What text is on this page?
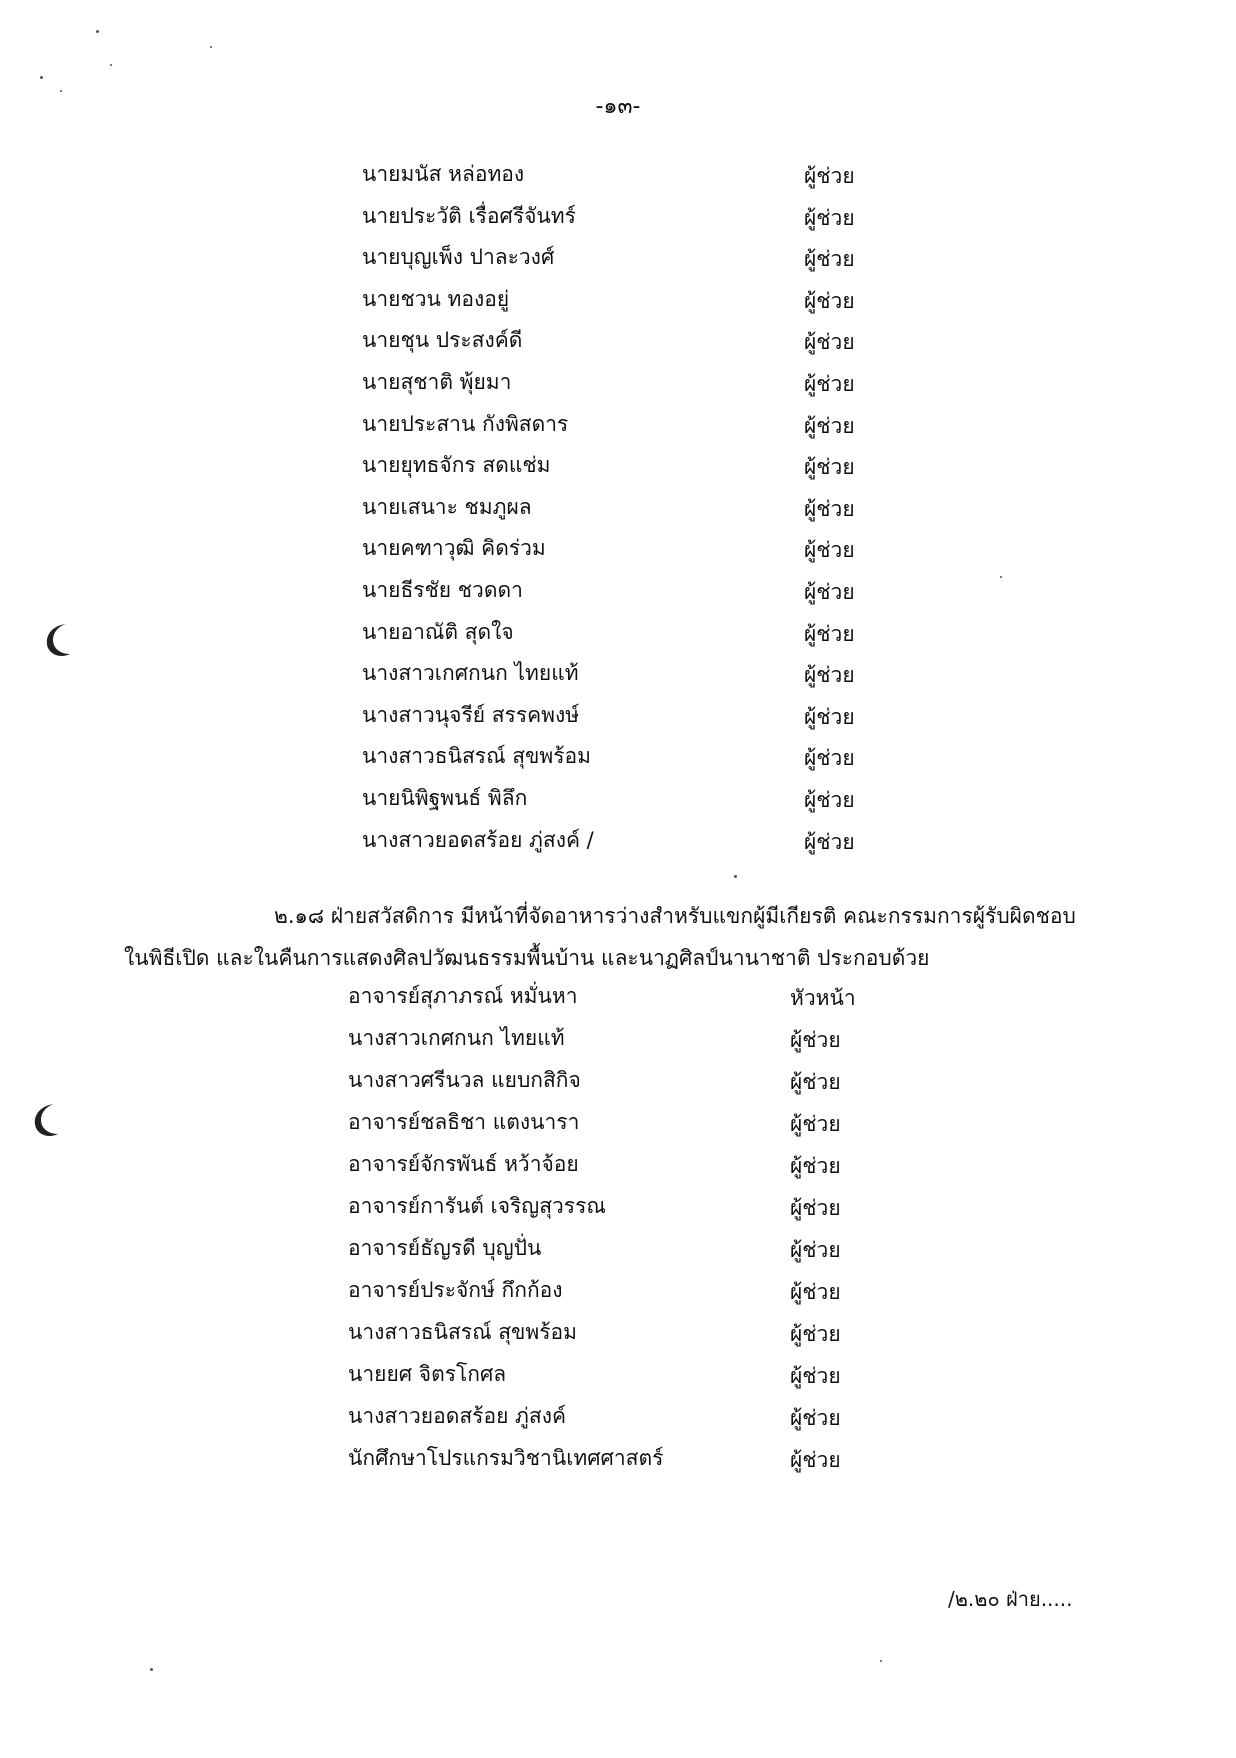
-๑๓-
นายมนัส หล่อทอง	ผู้ช่วย
นายประวัติ เรื่อศรีจันทร์	ผู้ช่วย
นายบุญเพ็ง ปาละวงศ์	ผู้ช่วย
นายชวน ทองอยู่	ผู้ช่วย
นายชุน ประสงค์ดี	ผู้ช่วย
นายสุชาติ พุ้ยมา	ผู้ช่วย
นายประสาน กังพิสดาร	ผู้ช่วย
นายยุทธจักร สดแช่ม	ผู้ช่วย
นายเสนาะ ชมภูผล	ผู้ช่วย
นายคฑาวุฒิ คิดร่วม	ผู้ช่วย
นายธีรชัย ชวดดา	ผู้ช่วย
นายอาณัติ สุดใจ	ผู้ช่วย
นางสาวเกศกนก ไทยแท้	ผู้ช่วย
นางสาวนุจรีย์ สรรคพงษ์	ผู้ช่วย
นางสาวธนิสรณ์ สุขพร้อม	ผู้ช่วย
นายนิพิฐพนธ์ พิลึก	ผู้ช่วย
นางสาวยอดสร้อย ภู่สงค์ /	ผู้ช่วย
๒.๑๘ ฝ่ายสวัสดิการ มีหน้าที่จัดอาหารว่างสำหรับแขกผู้มีเกียรติ คณะกรรมการผู้รับผิดชอบ
ในพิธีเปิด และในคืนการแสดงศิลปวัฒนธรรมพื้นบ้าน และนาฏศิลป์นานาชาติ ประกอบด้วย
อาจารย์สุภาภรณ์ หมั่นหา	หัวหน้า
นางสาวเกศกนก ไทยแท้	ผู้ช่วย
นางสาวศรีนวล แยบกสิกิจ	ผู้ช่วย
อาจารย์ชลธิชา แตงนารา	ผู้ช่วย
อาจารย์จักรพันธ์ หว้าจ้อย	ผู้ช่วย
อาจารย์การันต์ เจริญสุวรรณ	ผู้ช่วย
อาจารย์ธัญรดี บุญปั่น	ผู้ช่วย
อาจารย์ประจักษ์ กึกก้อง	ผู้ช่วย
นางสาวธนิสรณ์ สุขพร้อม	ผู้ช่วย
นายยศ จิตรโกศล	ผู้ช่วย
นางสาวยอดสร้อย ภู่สงค์	ผู้ช่วย
นักศึกษาโปรแกรมวิชานิเทศศาสตร์	ผู้ช่วย
/๒.๒๐ ฝ่าย.....
